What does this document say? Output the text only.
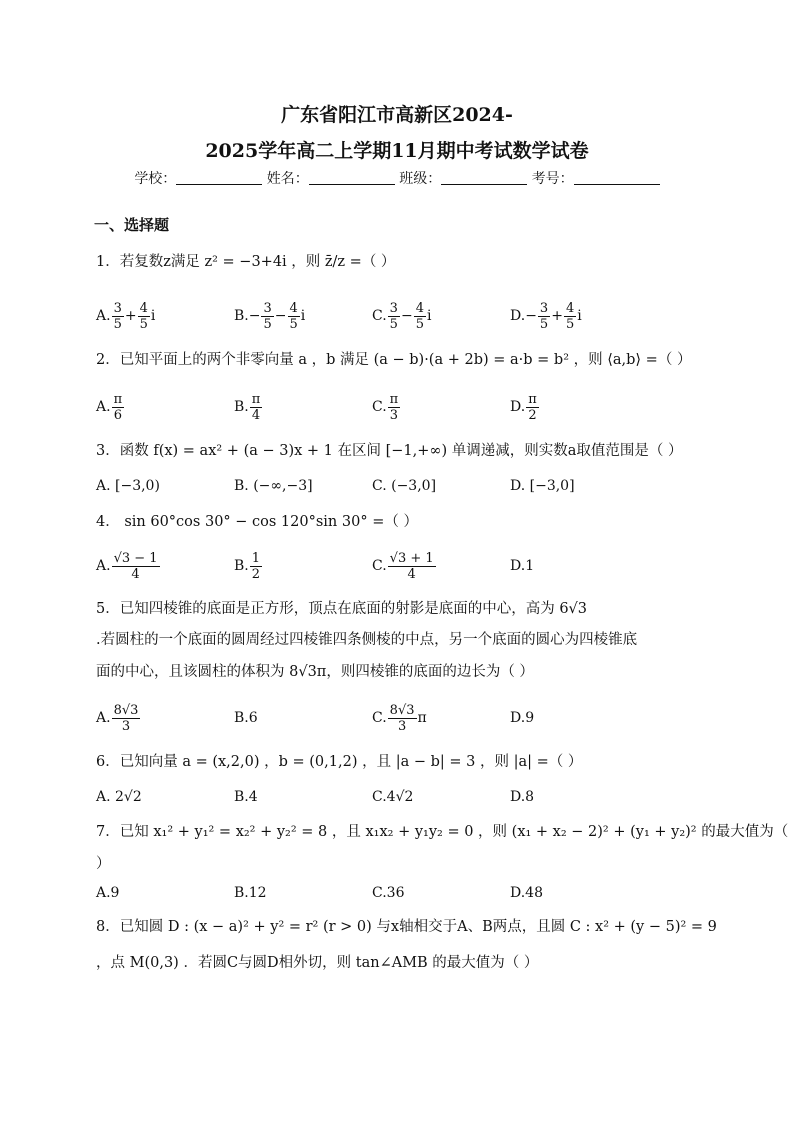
广东省阳江市高新区2024-
2025学年高二上学期11月期中考试数学试卷
学校：	姓名：	班级：	考号：
一、选择题
1．若复数z满足 z² = −3+4i ，则 z̄/z =（ ）
A. $\frac{3}{5} + \frac{4}{5}$ i	B. − $\frac{3}{5} - \frac{4}{5}$ i	C. $\frac{3}{5} - \frac{4}{5}$ i	D. − $\frac{3}{5} + \frac{4}{5}$ i
2．已知平面上的两个非零向量 a ，b 满足 (a − b)·(a + 2b) = a·b = b² ，则 ⟨a,b⟩ =（ ）
A. $\frac{\pi}{6}$	B. $\frac{\pi}{4}$	C. $\frac{\pi}{3}$	D. $\frac{\pi}{2}$
3．函数 f(x) = ax² + (a − 3)x + 1 在区间 [−1,+∞) 单调递减，则实数a取值范围是（ ）
A. [−3,0)	B. (−∞,−3]	C. (−3,0]	D. [−3,0]
4． sin 60°cos 30° − cos 120°sin 30° =（ ）
A. $\frac{√3 - 1}{4}$	B. $\frac{1}{2}$	C. $\frac{√3 + 1}{4}$	D. 1
5．已知四棱锥的底面是正方形，顶点在底面的射影是底面的中心，高为 6√3
.若圆柱的一个底面的圆周经过四棱锥四条侧棱的中点，另一个底面的圆心为四棱锥底
面的中心，且该圆柱的体积为 8√3π，则四棱锥的底面的边长为（ ）
A. $\frac{8√3}{3}$	B. 6	C. $\frac{8√3}{3}$ π	D. 9
6．已知向量 a = (x,2,0) ，b = (0,1,2) ，且 |a − b| = 3 ，则 |a| =（ ）
A. 2√2	B.4	C.4√2	D.8
7．已知 x₁² + y₁² = x₂² + y₂² = 8 ，且 x₁x₂ + y₁y₂ = 0 ，则 (x₁ + x₂ − 2)² + (y₁ + y₂)² 的最大值为（
）
A.9	B.12	C.36	D.48
8．已知圆 D : (x − a)² + y² = r² (r > 0) 与x轴相交于A、B两点，且圆 C : x² + (y − 5)² = 9
，点 M(0,3) ．若圆C与圆D相外切，则 tan∠AMB 的最大值为（ ）
